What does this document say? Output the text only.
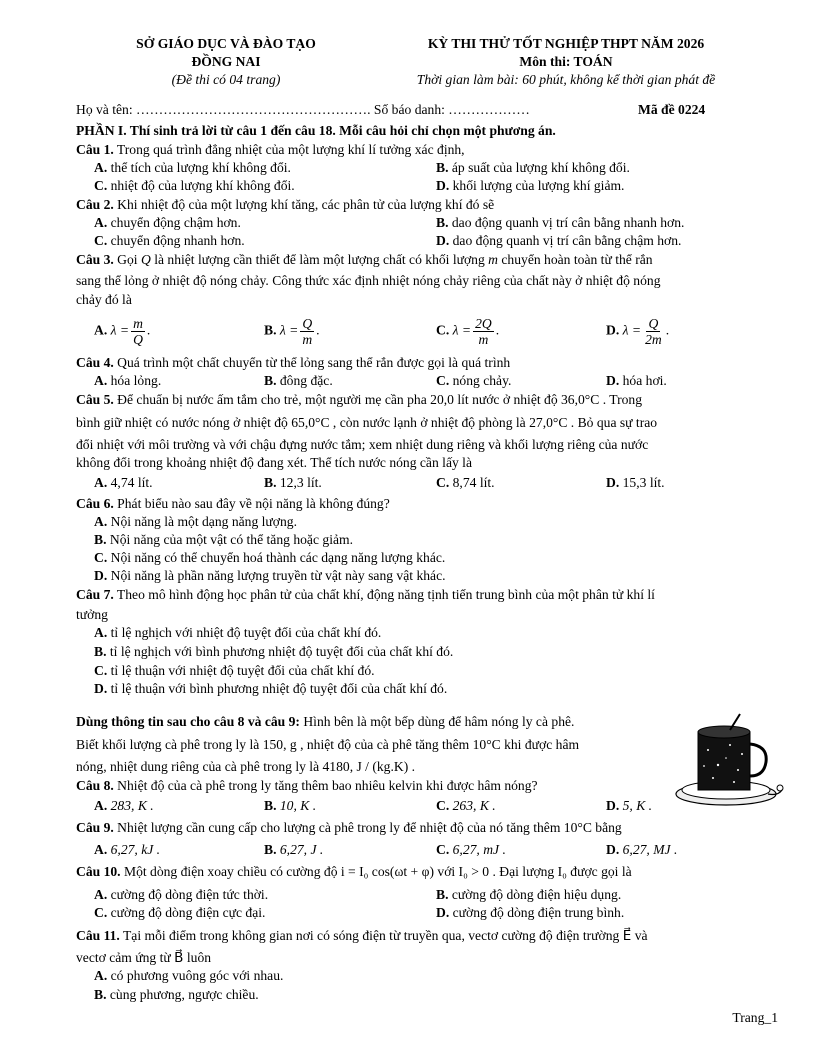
SỞ GIÁO DỤC VÀ ĐÀO TẠO
ĐỒNG NAI
(Đề thi có 04 trang)
KỲ THI THỬ TỐT NGHIỆP THPT NĂM 2026
Môn thi: TOÁN
Thời gian làm bài: 60 phút, không kể thời gian phát đề
Họ và tên: ……………………………………………. Số báo danh: ………………	Mã đề 0224
PHẦN I. Thí sinh trả lời từ câu 1 đến câu 18. Mỗi câu hỏi chỉ chọn một phương án.
Câu 1. Trong quá trình đẳng nhiệt của một lượng khí lí tưởng xác định,
A. thể tích của lượng khí không đổi.	B. áp suất của lượng khí không đổi.
C. nhiệt độ của lượng khí không đổi.	D. khối lượng của lượng khí giảm.
Câu 2. Khi nhiệt độ của một lượng khí tăng, các phân tử của lượng khí đó sẽ
A. chuyển động chậm hơn.	B. dao động quanh vị trí cân bằng nhanh hơn.
C. chuyển động nhanh hơn.	D. dao động quanh vị trí cân bằng chậm hơn.
Câu 3. Gọi Q là nhiệt lượng cần thiết để làm một lượng chất có khối lượng m chuyển hoàn toàn từ thể rắn
sang thể lỏng ở nhiệt độ nóng chảy. Công thức xác định nhiệt nóng chảy riêng của chất này ở nhiệt độ nóng
chảy đó là
A. $\lambda = \frac{m}{Q}$ .	B. $\lambda = \frac{Q}{m}$ .	C. $\lambda = \frac{2Q}{m}$ .	D. $\lambda = \frac{Q}{2m}$ .
Câu 4. Quá trình một chất chuyển từ thể lỏng sang thể rắn được gọi là quá trình
A. hóa lỏng.	B. đông đặc.	C. nóng chảy.	D. hóa hơi.
Câu 5. Để chuẩn bị nước ấm tắm cho trẻ, một người mẹ cần pha 20,0 lít nước ở nhiệt độ 36,0°C . Trong
bình giữ nhiệt có nước nóng ở nhiệt độ 65,0°C , còn nước lạnh ở nhiệt độ phòng là 27,0°C . Bỏ qua sự trao
đổi nhiệt với môi trường và với chậu đựng nước tắm; xem nhiệt dung riêng và khối lượng riêng của nước
không đổi trong khoảng nhiệt độ đang xét. Thể tích nước nóng cần lấy là
A. 4,74 lít.	B. 12,3 lít.	C. 8,74 lít.	D. 15,3 lít.
Câu 6. Phát biểu nào sau đây về nội năng là không đúng?
A. Nội năng là một dạng năng lượng.
B. Nội năng của một vật có thể tăng hoặc giảm.
C. Nội năng có thể chuyển hoá thành các dạng năng lượng khác.
D. Nội năng là phần năng lượng truyền từ vật này sang vật khác.
Câu 7. Theo mô hình động học phân tử của chất khí, động năng tịnh tiến trung bình của một phân tử khí lí
tưởng
A. tỉ lệ nghịch với nhiệt độ tuyệt đối của chất khí đó.
B. tỉ lệ nghịch với bình phương nhiệt độ tuyệt đối của chất khí đó.
C. tỉ lệ thuận với nhiệt độ tuyệt đối của chất khí đó.
D. tỉ lệ thuận với bình phương nhiệt độ tuyệt đối của chất khí đó.
Dùng thông tin sau cho câu 8 và câu 9: Hình bên là một bếp dùng để hâm nóng ly cà phê.
Biết khối lượng cà phê trong ly là 150, g , nhiệt độ của cà phê tăng thêm 10°C khi được hâm
nóng, nhiệt dung riêng của cà phê trong ly là 4180, J / (kg.K) .
Câu 8. Nhiệt độ của cà phê trong ly tăng thêm bao nhiêu kelvin khi được hâm nóng?
A. 283, K .	B. 10, K .	C. 263, K .	D. 5, K .
Câu 9. Nhiệt lượng cần cung cấp cho lượng cà phê trong ly để nhiệt độ của nó tăng thêm 10°C bằng
A. 6,27, kJ .	B. 6,27, J .	C. 6,27, mJ .	D. 6,27, MJ .
Câu 10. Một dòng điện xoay chiều có cường độ i = I₀ cos(ωt + φ) với I₀ > 0 . Đại lượng I₀ được gọi là
A. cường độ dòng điện tức thời.	B. cường độ dòng điện hiệu dụng.
C. cường độ dòng điện cực đại.	D. cường độ dòng điện trung bình.
Câu 11. Tại mỗi điểm trong không gian nơi có sóng điện từ truyền qua, vectơ cường độ điện trường E⃗ và
vectơ cảm ứng từ B⃗ luôn
A. có phương vuông góc với nhau.
B. cùng phương, ngược chiều.
Trang_1
